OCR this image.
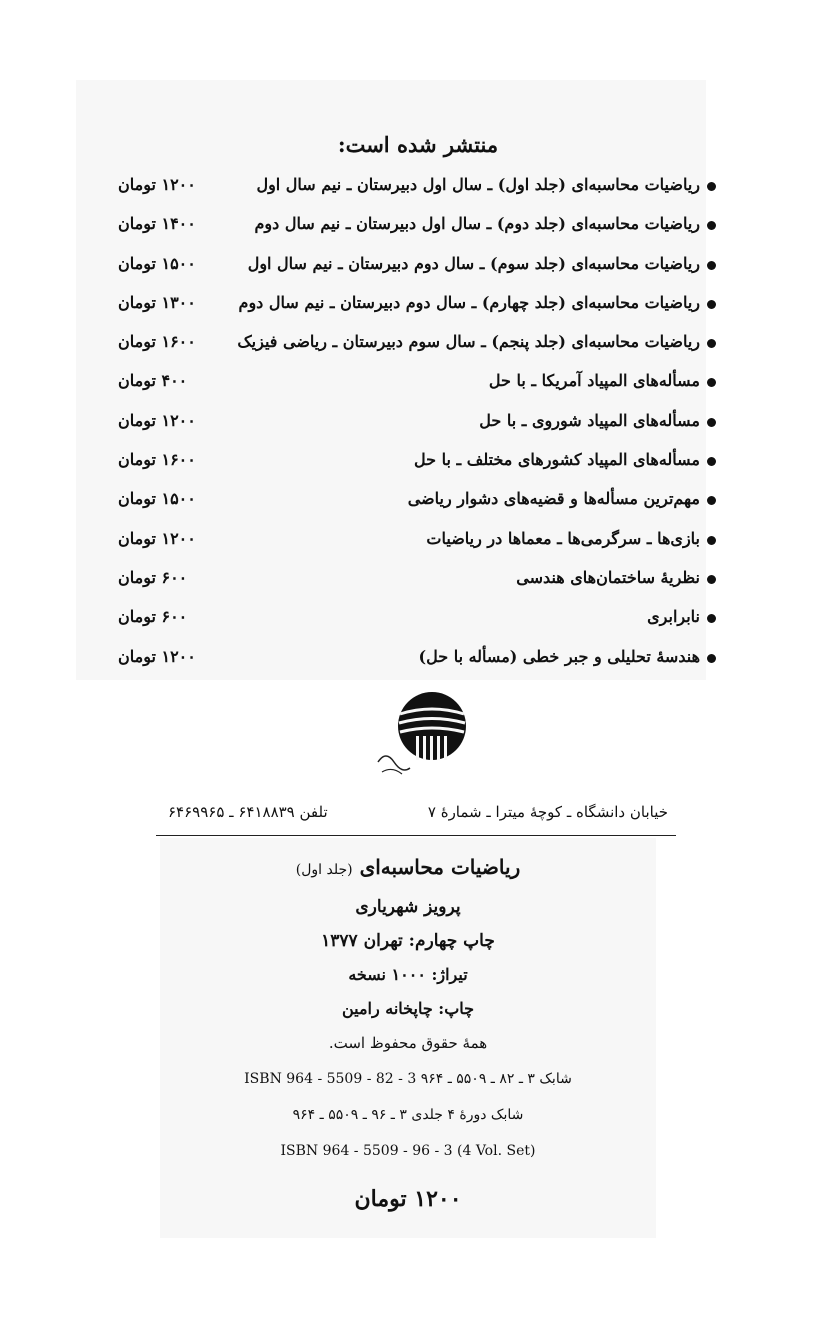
منتشر شده است:
ریاضیات محاسبه‌ای (جلد اول) ـ سال اول دبیرستان ـ نیم سال اول
۱۲۰۰ تومان
ریاضیات محاسبه‌ای (جلد دوم) ـ سال اول دبیرستان ـ نیم سال دوم
۱۴۰۰ تومان
ریاضیات محاسبه‌ای (جلد سوم) ـ سال دوم دبیرستان ـ نیم سال اول
۱۵۰۰ تومان
ریاضیات محاسبه‌ای (جلد چهارم) ـ سال دوم دبیرستان ـ نیم سال دوم
۱۳۰۰ تومان
ریاضیات محاسبه‌ای (جلد پنجم) ـ سال سوم دبیرستان ـ ریاضی فیزیک
۱۶۰۰ تومان
مسأله‌های المپیاد آمریکا ـ با حل
۴۰۰ تومان
مسأله‌های المپیاد شوروی ـ با حل
۱۲۰۰ تومان
مسأله‌های المپیاد کشورهای مختلف ـ با حل
۱۶۰۰ تومان
مهم‌ترین مسأله‌ها و قضیه‌های دشوار ریاضی
۱۵۰۰ تومان
بازی‌ها ـ سرگرمی‌ها ـ معماها در ریاضیات
۱۲۰۰ تومان
نظریهٔ ساختمان‌های هندسی
۶۰۰ تومان
نابرابری
۶۰۰ تومان
هندسهٔ تحلیلی و جبر خطی (مسأله با حل)
۱۲۰۰ تومان
خیابان دانشگاه ـ کوچهٔ میترا ـ شمارهٔ ۷
تلفن ۶۴۱۸۸۳۹ ـ ۶۴۶۹۹۶۵
ریاضیات محاسبه‌ای (جلد اول)
پرویز شهریاری
چاپ چهارم: تهران ۱۳۷۷
تیراژ: ۱۰۰۰ نسخه
چاپ: چاپخانه رامین
همهٔ حقوق محفوظ است.
شابک ۳ ـ ۸۲ ـ ۵۵۰۹ ـ ۹۶۴ ISBN 964 - 5509 - 82 - 3
شابک دورهٔ ۴ جلدی ۳ ـ ۹۶ ـ ۵۵۰۹ ـ ۹۶۴
ISBN 964 - 5509 - 96 - 3 (4 Vol. Set)
۱۲۰۰ تومان
